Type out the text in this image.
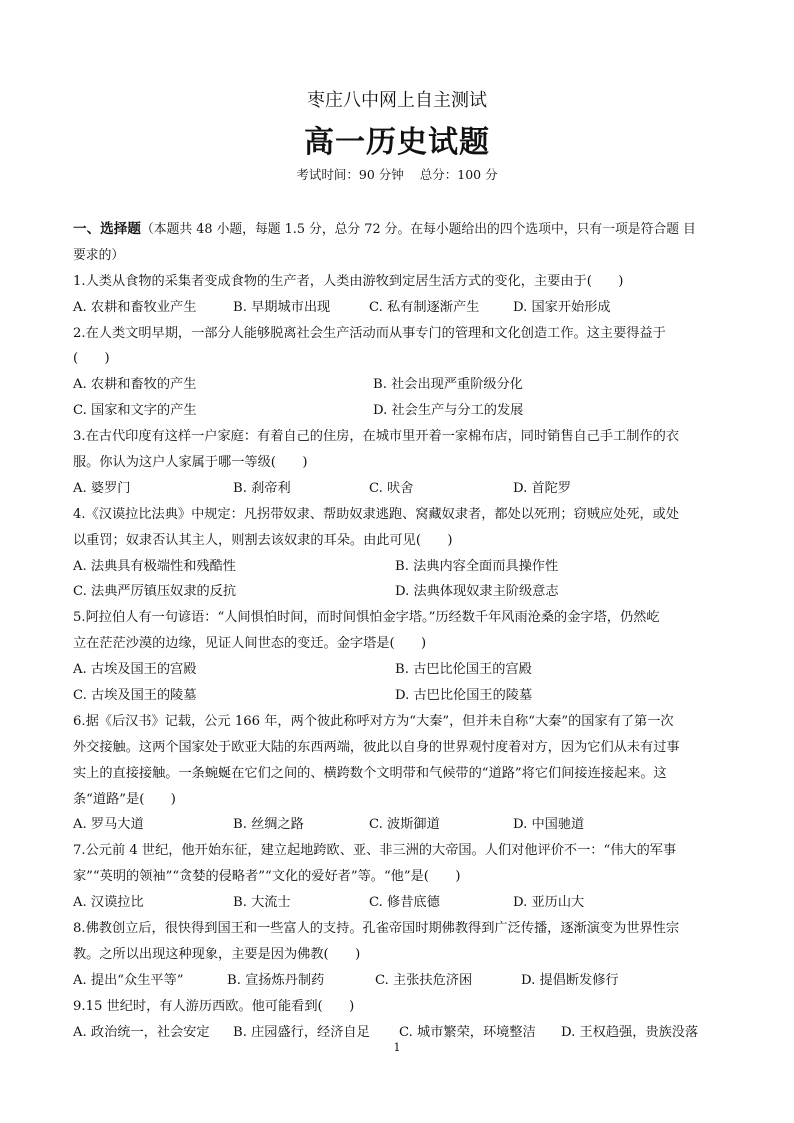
枣庄八中网上自主测试
高一历史试题
考试时间：90 分钟 总分：100 分
一、选择题（本题共 48 小题，每题 1.5 分，总分 72 分。在每小题给出的四个选项中，只有一项是符合题 目
要求的）
1.人类从食物的采集者变成食物的生产者，人类由游牧到定居生活方式的变化，主要由于(　　)
A. 农耕和畜牧业产生	B. 早期城市出现	C. 私有制逐渐产生	D. 国家开始形成
2.在人类文明早期，一部分人能够脱离社会生产活动而从事专门的管理和文化创造工作。这主要得益于
(　　)
A. 农耕和畜牧的产生	B. 社会出现严重阶级分化
C. 国家和文字的产生	D. 社会生产与分工的发展
3.在古代印度有这样一户家庭：有着自己的住房，在城市里开着一家棉布店，同时销售自己手工制作的衣
服。你认为这户人家属于哪一等级(　　)
A. 婆罗门	B. 刹帝利	C. 吠舍	D. 首陀罗
4.《汉谟拉比法典》中规定：凡拐带奴隶、帮助奴隶逃跑、窝藏奴隶者，都处以死刑；窃贼应处死，或处
以重罚；奴隶否认其主人，则割去该奴隶的耳朵。由此可见(　　)
A. 法典具有极端性和残酷性	B. 法典内容全面而具操作性
C. 法典严厉镇压奴隶的反抗	D. 法典体现奴隶主阶级意志
5.阿拉伯人有一句谚语：“人间惧怕时间，而时间惧怕金字塔。”历经数千年风雨沧桑的金字塔，仍然屹
立在茫茫沙漠的边缘，见证人间世态的变迁。金字塔是(　　)
A. 古埃及国王的宫殿	B. 古巴比伦国王的宫殿
C. 古埃及国王的陵墓	D. 古巴比伦国王的陵墓
6.据《后汉书》记载，公元 166 年，两个彼此称呼对方为“大秦”，但并未自称“大秦”的国家有了第一次
外交接触。这两个国家处于欧亚大陆的东西两端，彼此以自身的世界观忖度着对方，因为它们从未有过事
实上的直接接触。一条蜿蜒在它们之间的、横跨数个文明带和气候带的“道路”将它们间接连接起来。这
条“道路”是(　　)
A. 罗马大道	B. 丝绸之路	C. 波斯御道	D. 中国驰道
7.公元前 4 世纪，他开始东征，建立起地跨欧、亚、非三洲的大帝国。人们对他评价不一：“伟大的军事
家”“英明的领袖”“贪婪的侵略者”“文化的爱好者”等。“他”是(　　)
A. 汉谟拉比	B. 大流士	C. 修昔底德	D. 亚历山大
8.佛教创立后，很快得到国王和一些富人的支持。孔雀帝国时期佛教得到广泛传播，逐渐演变为世界性宗
教。之所以出现这种现象，主要是因为佛教(　　)
A. 提出“众生平等”	B. 宣扬炼丹制药	C. 主张扶危济困	D. 提倡断发修行
9.15 世纪时，有人游历西欧。他可能看到(　　)
A. 政治统一，社会安定 B. 庄园盛行，经济自足 C. 城市繁荣，环境整洁 D. 王权趋强，贵族没落
1
